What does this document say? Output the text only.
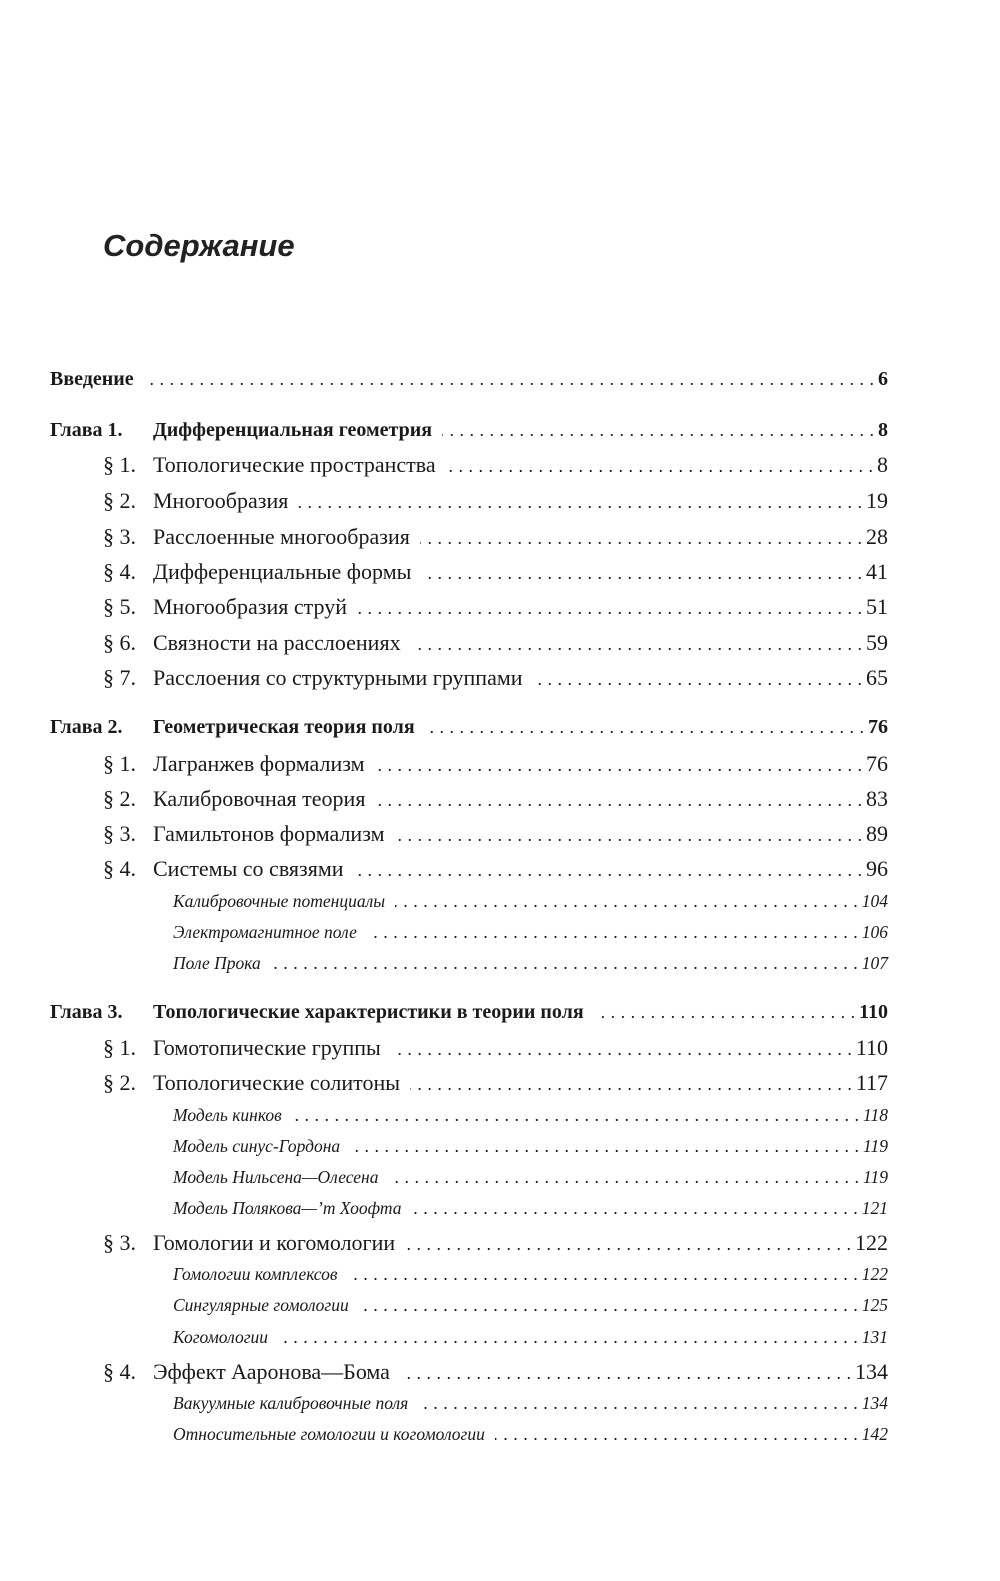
Содержание
Введение . . .	6
Глава 1.	Дифференциальная геометрия . . .	8
§ 1. Топологические пространства . . .	8
§ 2. Многообразия . . .	19
§ 3. Расслоенные многообразия . . .	28
§ 4. Дифференциальные формы . . .	41
§ 5. Многообразия струй . . .	51
§ 6. Связности на расслоениях . . .	59
§ 7. Расслоения со структурными группами . . .	65
Глава 2.	Геометрическая теория поля . . .	76
§ 1. Лагранжев формализм . . .	76
§ 2. Калибровочная теория . . .	83
§ 3. Гамильтонов формализм . . .	89
§ 4. Системы со связями . . .	96
Калибровочные потенциалы . . .	104
Электромагнитное поле . . .	106
Поле Прока . . .	107
Глава 3.	Топологические характеристики в теории поля . . .	110
§ 1. Гомотопические группы . . .	110
§ 2. Топологические солитоны . . .	117
Модель кинков . . .	118
Модель синус-Гордона . . .	119
Модель Нильсена—Олесена . . .	119
Модель Полякова—’т Хоофта . . .	121
§ 3. Гомологии и когомологии . . .	122
Гомологии комплексов . . .	122
Сингулярные гомологии . . .	125
Когомологии . . .	131
§ 4. Эффект Ааронова—Бома . . .	134
Вакуумные калибровочные поля . . .	134
Относительные гомологии и когомологии . . .	142
